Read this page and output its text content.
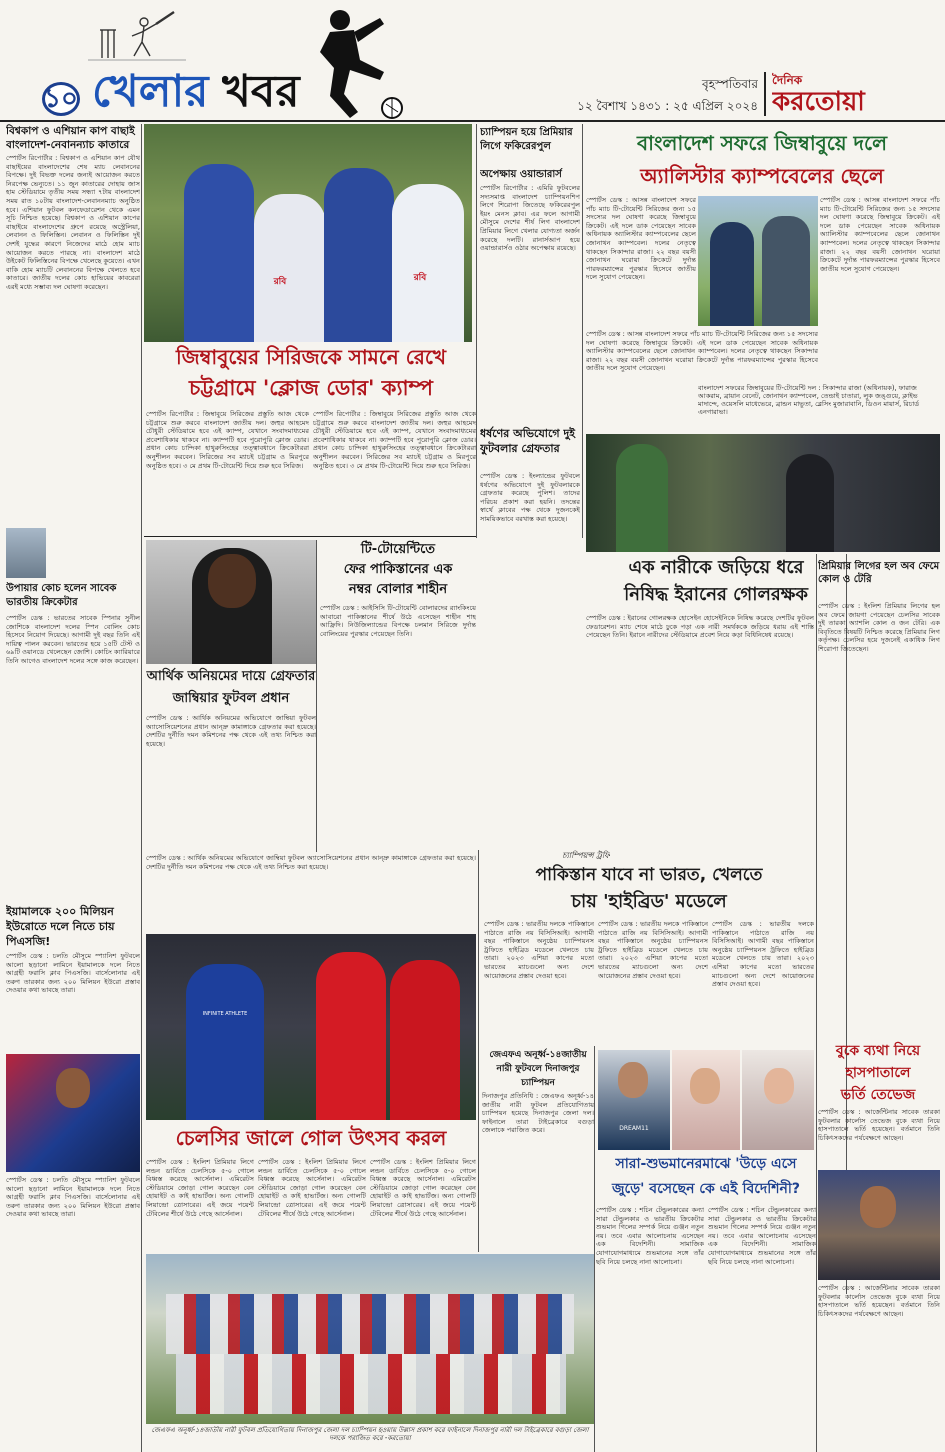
১০ খেলার খবর	বৃহস্পতিবার
১২ বৈশাখ ১৪৩১ : ২৫ এপ্রিল ২০২৪
দৈনিক
করতোয়া
বিশ্বকাপ ও এশিয়ান কাপ বাছাই
বাংলাদেশ-নেবানন্যাচ কাতারে
স্পোর্টস রিপোর্টার : বিশ্বকাপ ও এশিয়ান কাপ যৌথ বাছাইয়ের বাংলাদেশের শেষ ম্যাচ লেবাননের বিপক্ষে। দুই বিভক্ত দলের জন্যই আয়োজন করতে নিরপেক্ষ ভেন্যুতে। ১১ জুন কাতারের দোহায় জাস হাম স্টেডিয়ামে তৃতীয় সময় সন্ধ্যা ৭টায় বাংলাদেশ সময় রাত ১০টায় বাংলাদেশ-লেবাননম্যাচ অনুষ্ঠিত হবে। এশিয়ান ফুটবল কনফেডারেশন থেকে এমন সূচি নিশ্চিত হয়েছে। বিশ্বকাপ ও এশিয়ান কাপের বাছাইয়ে বাংলাদেশের গ্রুপে রয়েছে অস্ট্রেলিয়া, লেবানন ও ফিলিস্তিন। লেবানন ও ফিলিস্তিন দুই দেশই যুদ্ধের কারণে নিজেদের মাঠে হোম ম্যাচ আয়োজন করতে পারছে না। বাংলাদেশ মাঠে উইকেট ফিলিস্তিনের বিপক্ষে খেলেছে কুয়েতে। এখন বাকি হোম ম্যাচটি লেবাননের বিপক্ষে খেলতে হবে কাতারে। জাতীয় দলের কোচ হাভিয়ের কাবরেরা এরই মধ্যে সম্ভাব্য দল ঘোষণা করেছেন।
উপায়ার কোচ হলেন সাবেক ভারতীয় ক্রিকেটার
স্পোর্টস ডেস্ক : ভারতের সাবেক স্পিনার সুনীল জোশিকে বাংলাদেশ দলের স্পিন বোলিং কোচ হিসেবে নিয়োগ দিয়েছে। আগামী দুই বছর তিনি এই দায়িত্ব পালন করবেন। ভারতের হয়ে ১৫টি টেস্ট ও ৬৯টি ওয়ানডে খেলেছেন জোশি। কোচিং ক্যারিয়ারে তিনি আগেও বাংলাদেশ দলের সঙ্গে কাজ করেছেন।
ইয়ামালকে ২০০ মিলিয়ন ইউরোতে দলে নিতে চায় পিএসজি!
স্পোর্টস ডেস্ক : চলতি মৌসুমে স্প্যানিশ ফুটবলে আলো ছড়ানো লামিনে ইয়ামালকে দলে নিতে আগ্রহী ফরাসি ক্লাব পিএসজি। বার্সেলোনার এই তরুণ তারকার জন্য ২০০ মিলিয়ন ইউরো প্রস্তাব দেওয়ার কথা ভাবছে তারা।
স্পোর্টস ডেস্ক : চলতি মৌসুমে স্প্যানিশ ফুটবলে আলো ছড়ানো লামিনে ইয়ামালকে দলে নিতে আগ্রহী ফরাসি ক্লাব পিএসজি। বার্সেলোনার এই তরুণ তারকার জন্য ২০০ মিলিয়ন ইউরো প্রস্তাব দেওয়ার কথা ভাবছে তারা।
রবি	রবি
জিম্বাবুয়ের সিরিজকে সামনে রেখে
চট্টগ্রামে 'ক্লোজ ডোর' ক্যাম্প
স্পোর্টস রিপোর্টার : জিম্বাবুয়ে সিরিজের প্রস্তুতি আজ থেকে চট্টগ্রামে শুরু করবে বাংলাদেশ জাতীয় দল। জহুর আহমেদ চৌধুরী স্টেডিয়ামে হবে এই ক্যাম্প, যেখানে সংবাদমাধ্যমের প্রবেশাধিকার থাকবে না। ক্যাম্পটি হবে পুরোপুরি ক্লোজ ডোর। প্রধান কোচ চান্দিকা হাথুরুসিংহের তত্ত্বাবধানে ক্রিকেটাররা অনুশীলন করবেন। সিরিজের সব ম্যাচই চট্টগ্রাম ও মিরপুরে অনুষ্ঠিত হবে। ৩ মে প্রথম টি-টোয়েন্টি দিয়ে শুরু হবে সিরিজ।
স্পোর্টস রিপোর্টার : জিম্বাবুয়ে সিরিজের প্রস্তুতি আজ থেকে চট্টগ্রামে শুরু করবে বাংলাদেশ জাতীয় দল। জহুর আহমেদ চৌধুরী স্টেডিয়ামে হবে এই ক্যাম্প, যেখানে সংবাদমাধ্যমের প্রবেশাধিকার থাকবে না। ক্যাম্পটি হবে পুরোপুরি ক্লোজ ডোর। প্রধান কোচ চান্দিকা হাথুরুসিংহের তত্ত্বাবধানে ক্রিকেটাররা অনুশীলন করবেন। সিরিজের সব ম্যাচই চট্টগ্রাম ও মিরপুরে অনুষ্ঠিত হবে। ৩ মে প্রথম টি-টোয়েন্টি দিয়ে শুরু হবে সিরিজ।
চ্যাম্পিয়ন হয়ে প্রিমিয়ার লিগে ফকিরেরপুল
অপেক্ষায় ওয়ান্ডারার্স
স্পোর্টস রিপোর্টার : এমিরি ফুটবলের সদ্যসমাপ্ত বাংলাদেশ চ্যাম্পিয়নশিপ লিগে শিরোপা জিতেছে ফকিরেরপুল ইয়ং মেনস ক্লাব। এর ফলে আগামী মৌসুমে দেশের শীর্ষ লিগ বাংলাদেশ প্রিমিয়ার লিগে খেলার যোগ্যতা অর্জন করেছে দলটি। রানার্সআপ হয়ে ওয়ান্ডারার্সও ওঠার অপেক্ষায় রয়েছে।
ধর্ষণের অভিযোগে দুই ফুটবলার গ্রেফতার
স্পোর্টস ডেস্ক : ইংল্যান্ডের ফুটবলে ধর্ষণের অভিযোগে দুই ফুটবলারকে গ্রেফতার করেছে পুলিশ। তাদের পরিচয় প্রকাশ করা হয়নি। তদন্তের স্বার্থে ক্লাবের পক্ষ থেকে দুজনকেই সাময়িকভাবে বরখাস্ত করা হয়েছে।
বাংলাদেশ সফরে জিম্বাবুয়ে দলে
অ্যালিস্টার ক্যাম্পবেলের ছেলে
স্পোর্টস ডেস্ক : আসন্ন বাংলাদেশ সফরে পাঁচ ম্যাচ টি-টোয়েন্টি সিরিজের জন্য ১৫ সদস্যের দল ঘোষণা করেছে জিম্বাবুয়ে ক্রিকেট। এই দলে ডাক পেয়েছেন সাবেক অধিনায়ক অ্যালিস্টার ক্যাম্পবেলের ছেলে জোনাথন ক্যাম্পবেল। দলের নেতৃত্বে থাকছেন সিকান্দার রাজা। ২২ বছর বয়সী জোনাথন ঘরোয়া ক্রিকেটে দুর্দান্ত পারফরম্যান্সের পুরস্কার হিসেবে জাতীয় দলে সুযোগ পেয়েছেন।
স্পোর্টস ডেস্ক : আসন্ন বাংলাদেশ সফরে পাঁচ ম্যাচ টি-টোয়েন্টি সিরিজের জন্য ১৫ সদস্যের দল ঘোষণা করেছে জিম্বাবুয়ে ক্রিকেট। এই দলে ডাক পেয়েছেন সাবেক অধিনায়ক অ্যালিস্টার ক্যাম্পবেলের ছেলে জোনাথন ক্যাম্পবেল। দলের নেতৃত্বে থাকছেন সিকান্দার রাজা। ২২ বছর বয়সী জোনাথন ঘরোয়া ক্রিকেটে দুর্দান্ত পারফরম্যান্সের পুরস্কার হিসেবে জাতীয় দলে সুযোগ পেয়েছেন।
স্পোর্টস ডেস্ক : আসন্ন বাংলাদেশ সফরে পাঁচ ম্যাচ টি-টোয়েন্টি সিরিজের জন্য ১৫ সদস্যের দল ঘোষণা করেছে জিম্বাবুয়ে ক্রিকেট। এই দলে ডাক পেয়েছেন সাবেক অধিনায়ক অ্যালিস্টার ক্যাম্পবেলের ছেলে জোনাথন ক্যাম্পবেল। দলের নেতৃত্বে থাকছেন সিকান্দার রাজা। ২২ বছর বয়সী জোনাথন ঘরোয়া ক্রিকেটে দুর্দান্ত পারফরম্যান্সের পুরস্কার হিসেবে জাতীয় দলে সুযোগ পেয়েছেন।
বাংলাদেশ সফরের জিম্বাবুয়ের টি-টোয়েন্টি দল : সিকান্দার রাজা (অধিনায়ক), ফারাজ আকরাম, ব্রায়ান বেনেট, জোনাথন ক্যাম্পবেল, তেন্ডাই চাতারা, লুক জঙ্গুয়ে, ক্লাইভ মাদান্দে, ওয়েসলি মাধেভেরে, ব্রান্ডন মাভুতা, ব্লেসিং মুজারাবানি, ডিওন মায়ার্স, রিচার্ড এনগারাভা।
এক নারীকে জড়িয়ে ধরে
নিষিদ্ধ ইরানের গোলরক্ষক
স্পোর্টস ডেস্ক : ইরানের গোলরক্ষক হোসেইন হোসেইনিকে নিষিদ্ধ করেছে দেশটির ফুটবল ফেডারেশন। ম্যাচ শেষে মাঠে ঢুকে পড়া এক নারী সমর্থককে জড়িয়ে ধরায় এই শাস্তি পেয়েছেন তিনি। ইরানে নারীদের স্টেডিয়ামে প্রবেশ নিয়ে কড়া বিধিনিষেধ রয়েছে।
প্রিমিয়ার লিগের হল অব ফেমে কোল ও টেরি
স্পোর্টস ডেস্ক : ইংলিশ প্রিমিয়ার লিগের হল অব ফেমে জায়গা পেয়েছেন চেলসির সাবেক দুই তারকা অ্যাশলি কোল ও জন টেরি। এক বিবৃতিতে বিষয়টি নিশ্চিত করেছে প্রিমিয়ার লিগ কর্তৃপক্ষ। চেলসির হয়ে দুজনেই একাধিক লিগ শিরোপা জিতেছেন।
বুকে ব্যথা নিয়ে
হাসপাতালে
ভর্তি তেভেজ
স্পোর্টস ডেস্ক : আর্জেন্টিনার সাবেক তারকা ফুটবলার কার্লোস তেভেজ বুকে ব্যথা নিয়ে হাসপাতালে ভর্তি হয়েছেন। বর্তমানে তিনি চিকিৎসকদের পর্যবেক্ষণে আছেন।
স্পোর্টস ডেস্ক : আর্জেন্টিনার সাবেক তারকা ফুটবলার কার্লোস তেভেজ বুকে ব্যথা নিয়ে হাসপাতালে ভর্তি হয়েছেন। বর্তমানে তিনি চিকিৎসকদের পর্যবেক্ষণে আছেন।
টি-টোয়েন্টিতে
ফের পাকিস্তানের এক
নম্বর বোলার শাহীন
স্পোর্টস ডেস্ক : আইসিসি টি-টোয়েন্টি বোলারদের র‍্যাংকিংয়ে আবারো পাকিস্তানের শীর্ষে উঠে এসেছেন শাহীন শাহ আফ্রিদি। নিউজিল্যান্ডের বিপক্ষে চলমান সিরিজে দুর্দান্ত বোলিংয়ের পুরস্কার পেয়েছেন তিনি।
আর্থিক অনিয়মের দায়ে গ্রেফতার
জাম্বিয়ার ফুটবল প্রধান
স্পোর্টস ডেস্ক : আর্থিক অনিয়মের অভিযোগে জাম্বিয়া ফুটবল অ্যাসোসিয়েশনের প্রধান আন্দ্রু কামাঙ্গাকে গ্রেফতার করা হয়েছে। দেশটির দুর্নীতি দমন কমিশনের পক্ষ থেকে এই তথ্য নিশ্চিত করা হয়েছে।
স্পোর্টস ডেস্ক : আর্থিক অনিয়মের অভিযোগে জাম্বিয়া ফুটবল অ্যাসোসিয়েশনের প্রধান আন্দ্রু কামাঙ্গাকে গ্রেফতার করা হয়েছে। দেশটির দুর্নীতি দমন কমিশনের পক্ষ থেকে এই তথ্য নিশ্চিত করা হয়েছে।
চ্যাম্পিয়ন্স ট্রফি
পাকিস্তান যাবে না ভারত, খেলতে
চায় 'হাইব্রিড' মডেলে
স্পোর্টস ডেস্ক : ভারতীয় দলকে পাকিস্তানে পাঠাতে রাজি নয় বিসিসিআই। আগামী বছর পাকিস্তানে অনুষ্ঠেয় চ্যাম্পিয়নস ট্রফিতে হাইব্রিড মডেলে খেলতে চায় তারা। ২০২৩ এশিয়া কাপের মতো ভারতের ম্যাচগুলো অন্য দেশে আয়োজনের প্রস্তাব দেওয়া হবে।
স্পোর্টস ডেস্ক : ভারতীয় দলকে পাকিস্তানে পাঠাতে রাজি নয় বিসিসিআই। আগামী বছর পাকিস্তানে অনুষ্ঠেয় চ্যাম্পিয়নস ট্রফিতে হাইব্রিড মডেলে খেলতে চায় তারা। ২০২৩ এশিয়া কাপের মতো ভারতের ম্যাচগুলো অন্য দেশে আয়োজনের প্রস্তাব দেওয়া হবে।
স্পোর্টস ডেস্ক : ভারতীয় দলকে পাকিস্তানে পাঠাতে রাজি নয় বিসিসিআই। আগামী বছর পাকিস্তানে অনুষ্ঠেয় চ্যাম্পিয়নস ট্রফিতে হাইব্রিড মডেলে খেলতে চায় তারা। ২০২৩ এশিয়া কাপের মতো ভারতের ম্যাচগুলো অন্য দেশে আয়োজনের প্রস্তাব দেওয়া হবে।
INFINITE ATHLETE
চেলসির জালে গোল উৎসব করল
স্পোর্টস ডেস্ক : ইংলিশ প্রিমিয়ার লিগে লন্ডন ডার্বিতে চেলসিকে ৫-০ গোলে বিধ্বস্ত করেছে আর্সেনাল। এমিরেটস স্টেডিয়ামে জোড়া গোল করেছেন বেন হোয়াইট ও কাই হাভার্টজ। অন্য গোলটি লিয়ান্দ্রো ত্রোসারের। এই জয়ে পয়েন্ট টেবিলের শীর্ষে উঠে গেছে আর্সেনাল।
স্পোর্টস ডেস্ক : ইংলিশ প্রিমিয়ার লিগে লন্ডন ডার্বিতে চেলসিকে ৫-০ গোলে বিধ্বস্ত করেছে আর্সেনাল। এমিরেটস স্টেডিয়ামে জোড়া গোল করেছেন বেন হোয়াইট ও কাই হাভার্টজ। অন্য গোলটি লিয়ান্দ্রো ত্রোসারের। এই জয়ে পয়েন্ট টেবিলের শীর্ষে উঠে গেছে আর্সেনাল।
স্পোর্টস ডেস্ক : ইংলিশ প্রিমিয়ার লিগে লন্ডন ডার্বিতে চেলসিকে ৫-০ গোলে বিধ্বস্ত করেছে আর্সেনাল। এমিরেটস স্টেডিয়ামে জোড়া গোল করেছেন বেন হোয়াইট ও কাই হাভার্টজ। অন্য গোলটি লিয়ান্দ্রো ত্রোসারের। এই জয়ে পয়েন্ট টেবিলের শীর্ষে উঠে গেছে আর্সেনাল।
জেএফএ অনূর্ধ্ব-১৪জাতীয়
নারী ফুটবলে দিনাজপুর
চ্যাম্পিয়ন
দিনাজপুর প্রতিনিধি : জেএফএ অনূর্ধ্ব-১৪ জাতীয় নারী ফুটবল প্রতিযোগিতায় চ্যাম্পিয়ন হয়েছে দিনাজপুর জেলা দল। ফাইনালে তারা টাইব্রেকারে বগুড়া জেলাকে পরাজিত করে।	DREAM11
সারা-শুভমানেরমাঝে 'উড়ে এসে
জুড়ে' বসেছেন কে এই বিদেশিনী?
স্পোর্টস ডেস্ক : শচিন টেন্ডুলকারের কন্যা সারা টেন্ডুলকার ও ভারতীয় ক্রিকেটার শুভমান গিলের সম্পর্ক নিয়ে গুঞ্জন নতুন নয়। তবে এবার আলোচনায় এসেছেন এক বিদেশিনী। সামাজিক যোগাযোগমাধ্যমে শুভমানের সঙ্গে তাঁর ছবি নিয়ে চলছে নানা আলোচনা।
স্পোর্টস ডেস্ক : শচিন টেন্ডুলকারের কন্যা সারা টেন্ডুলকার ও ভারতীয় ক্রিকেটার শুভমান গিলের সম্পর্ক নিয়ে গুঞ্জন নতুন নয়। তবে এবার আলোচনায় এসেছেন এক বিদেশিনী। সামাজিক যোগাযোগমাধ্যমে শুভমানের সঙ্গে তাঁর ছবি নিয়ে চলছে নানা আলোচনা।
জেএফএ অনূর্ধ্ব-১৪জাতীয় নারী ফুটবল প্রতিযোগিতায় দিনাজপুর জেলা দল চ্যাম্পিয়ন হওয়ায় উল্লাস প্রকাশ করে ফাইনালে দিনাজপুর নারী দল টাইব্রেকারে বগুড়া জেলা দলকে পরাজিত করে -করতোয়া
